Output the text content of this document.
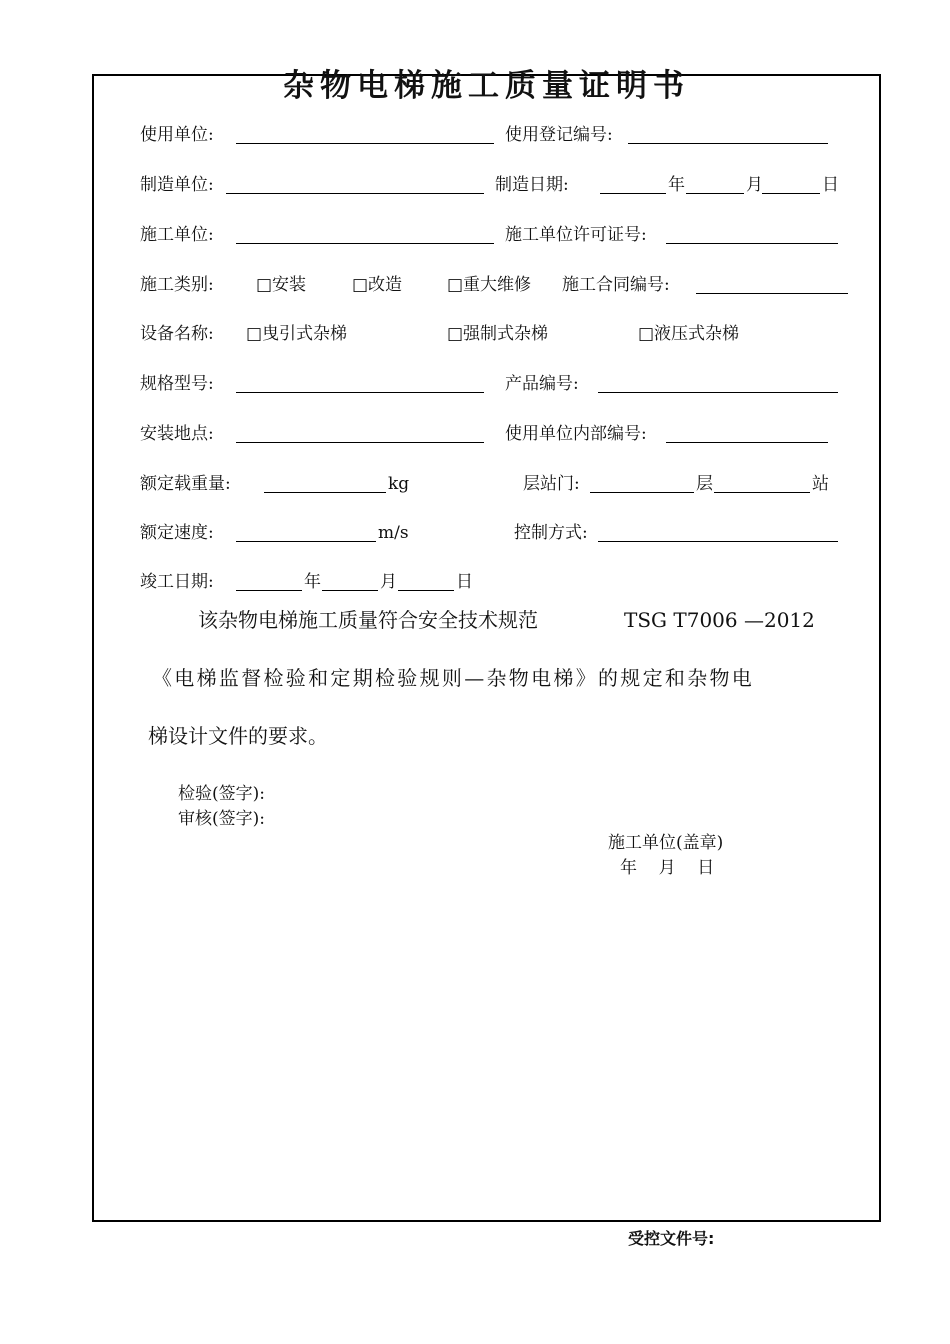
杂物电梯施工质量证明书
使用单位:	使用登记编号:
制造单位:	制造日期:	年	月	日
施工单位:	施工单位许可证号:
施工类别: □安装	□改造	□重大维修 施工合同编号:
设备名称: □曳引式杂梯	□强制式杂梯	□液压式杂梯
规格型号:	产品编号:
安装地点:	使用单位内部编号:
额定载重量:	kg	层站门:	层	站
额定速度:	m/s	控制方式:
竣工日期:	年	月	日
该杂物电梯施工质量符合安全技术规范	TSG T7006 —2012
《电梯监督检验和定期检验规则—杂物电梯》的规定和杂物电
梯设计文件的要求。
检验(签字):
审核(签字):
施工单位(盖章)
年    月    日
受控文件号:
